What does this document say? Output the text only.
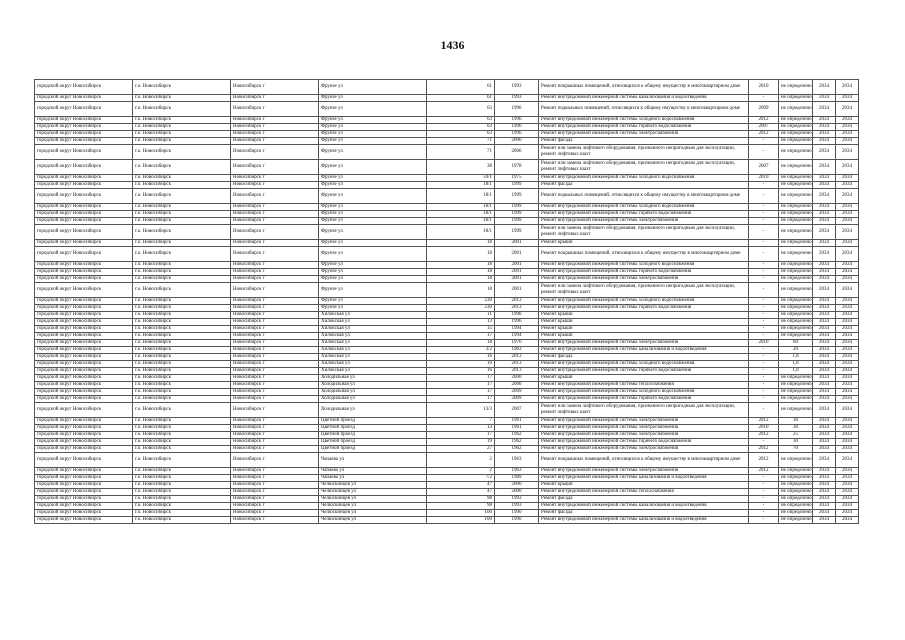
1436
городской округ Новосибирск	г.о. Новосибирск	Новосибирск г	Фрунзе ул	61	1993	Ремонт покрышных помещений, относящихся к общему имуществу в многоквартирном доме	2010	не определено	2034	2034
городской округ Новосибирск	г.о. Новосибирск	Новосибирск г	Фрунзе ул	61	1993	Ремонт внутридомовой инженерной системы канализования и водоотведения	-	не определено	2034	2034
городской округ Новосибирск	г.о. Новосибирск	Новосибирск г	Фрунзе ул	63	1996	Ремонт подвальных помещений, относящихся к общему имуществу в многоквартирном доме	2009	не определено	2034	2034
городской округ Новосибирск	г.о. Новосибирск	Новосибирск г	Фрунзе ул	63	1996	Ремонт внутридомовой инженерной системы холодного водоснабжения	2012	не определено	2034	2034
городской округ Новосибирск	г.о. Новосибирск	Новосибирск г	Фрунзе ул	63	1996	Ремонт внутридомовой инженерной системы горячего водоснабжения	2007	не определено	2034	2034
городской округ Новосибирск	г.о. Новосибирск	Новосибирск г	Фрунзе ул	63	1996	Ремонт внутридомовой инженерной системы электроснабжения	2012	не определено	2034	2034
городской округ Новосибирск	г.о. Новосибирск	Новосибирск г	Фрунзе ул	71	2006	Ремонт фасада	-	не определено	2034	2034
городской округ Новосибирск	г.о. Новосибирск	Новосибирск г	Фрунзе ул	71	2006	Ремонт или замена лифтового оборудования, признанного непригодным для эксплуатации, ремонт лифтовых шахт	-	не определено	2034	2034
городской округ Новосибирск	г.о. Новосибирск	Новосибирск г	Фрунзе ул	38	1978	Ремонт или замена лифтового оборудования, признанного непригодным для эксплуатации, ремонт лифтовых шахт	2007	не определено	2034	2034
городской округ Новосибирск	г.о. Новосибирск	Новосибирск г	Фрунзе ул	59/1	1975	Ремонт внутридомовой инженерной системы холодного водоснабжения	2010	не определено	2034	2034
городской округ Новосибирск	г.о. Новосибирск	Новосибирск г	Фрунзе ул	18/1	1999	Ремонт фасада	-	не определено	2034	2034
городской округ Новосибирск	г.о. Новосибирск	Новосибирск г	Фрунзе ул	18/1	1999	Ремонт подвальных помещений, относящихся к общему имуществу в многоквартирном доме	-	не определено	2034	2034
городской округ Новосибирск	г.о. Новосибирск	Новосибирск г	Фрунзе ул	18/1	1999	Ремонт внутридомовой инженерной системы холодного водоснабжения	-	не определено	2034	2034
городской округ Новосибирск	г.о. Новосибирск	Новосибирск г	Фрунзе ул	18/1	1999	Ремонт внутридомовой инженерной системы горячего водоснабжения	-	не определено	2034	2034
городской округ Новосибирск	г.о. Новосибирск	Новосибирск г	Фрунзе ул	18/1	1999	Ремонт внутридомовой инженерной системы электроснабжения	-	не определено	2034	2034
городской округ Новосибирск	г.о. Новосибирск	Новосибирск г	Фрунзе ул	18/1	1999	Ремонт или замена лифтового оборудования, признанного непригодным для эксплуатации, ремонт лифтовых шахт	-	не определено	2034	2034
городской округ Новосибирск	г.о. Новосибирск	Новосибирск г	Фрунзе ул	18	2001	Ремонт крыши	-	не определено	2034	2034
городской округ Новосибирск	г.о. Новосибирск	Новосибирск г	Фрунзе ул	18	2001	Ремонт покрышных помещений, относящихся к общему имуществу в многоквартирном доме	-	не определено	2034	2034
городской округ Новосибирск	г.о. Новосибирск	Новосибирск г	Фрунзе ул	18	2001	Ремонт внутридомовой инженерной системы холодного водоснабжения	-	не определено	2034	2034
городской округ Новосибирск	г.о. Новосибирск	Новосибирск г	Фрунзе ул	18	2001	Ремонт внутридомовой инженерной системы горячего водоснабжения	-	не определено	2034	2034
городской округ Новосибирск	г.о. Новосибирск	Новосибирск г	Фрунзе ул	18	2001	Ремонт внутридомовой инженерной системы электроснабжения	-	не определено	2034	2034
городской округ Новосибирск	г.о. Новосибирск	Новосибирск г	Фрунзе ул	18	2001	Ремонт или замена лифтового оборудования, признанного непригодным для эксплуатации, ремонт лифтовых шахт	-	не определено	2034	2034
городской округ Новосибирск	г.о. Новосибирск	Новосибирск г	Фрунзе ул	230	2013	Ремонт внутридомовой инженерной системы холодного водоснабжения	-	не определено	2034	2034
городской округ Новосибирск	г.о. Новосибирск	Новосибирск г	Фрунзе ул	230	2013	Ремонт внутридомовой инженерной системы горячего водоснабжения	-	не определено	2034	2034
городской округ Новосибирск	г.о. Новосибирск	Новосибирск г	Хилокская ул	11	1996	Ремонт крыши	-	не определено	2034	2034
городской округ Новосибирск	г.о. Новосибирск	Новосибирск г	Хилокская ул	13	1996	Ремонт крыши	-	не определено	2034	2034
городской округ Новосибирск	г.о. Новосибирск	Новосибирск г	Хилокская ул	15	1994	Ремонт крыши	-	не определено	2034	2034
городской округ Новосибирск	г.о. Новосибирск	Новосибирск г	Хилокская ул	17	1994	Ремонт крыши	-	не определено	2034	2034
городской округ Новосибирск	г.о. Новосибирск	Новосибирск г	Хилокская ул	18	1976	Ремонт внутридомовой инженерной системы электроснабжения	2010	60	2034	2034
городской округ Новосибирск	г.о. Новосибирск	Новосибирск г	Хилокская ул	3/2	1963	Ремонт внутридомовой инженерной системы канализования и водоотведения	-	20	2034	2034
городской округ Новосибирск	г.о. Новосибирск	Новосибирск г	Хилокская ул	16	2013	Ремонт фасада	-	1,8	2034	2034
городской округ Новосибирск	г.о. Новосибирск	Новосибирск г	Хилокская ул	16	2013	Ремонт внутридомовой инженерной системы холодного водоснабжения	-	1,8	2034	2034
городской округ Новосибирск	г.о. Новосибирск	Новосибирск г	Хилокская ул	16	2013	Ремонт внутридомовой инженерной системы горячего водоснабжения	-	1,8	2034	2034
городской округ Новосибирск	г.о. Новосибирск	Новосибирск г	Холодильная ул	17	2000	Ремонт крыши	-	не определено	2034	2034
городской округ Новосибирск	г.о. Новосибирск	Новосибирск г	Холодильная ул	17	2000	Ремонт внутридомовой инженерной системы теплоснабжения	-	не определено	2034	2034
городской округ Новосибирск	г.о. Новосибирск	Новосибирск г	Холодильная ул	17	2009	Ремонт внутридомовой инженерной системы холодного водоснабжения	-	не определено	2034	2034
городской округ Новосибирск	г.о. Новосибирск	Новосибирск г	Холодильная ул	17	2009	Ремонт внутридомовой инженерной системы горячего водоснабжения	-	не определено	2034	2034
городской округ Новосибирск	г.о. Новосибирск	Новосибирск г	Холодильная ул	13/3	2007	Ремонт или замена лифтового оборудования, признанного непригодным для эксплуатации, ремонт лифтовых шахт	-	не определено	2034	2034
городской округ Новосибирск	г.о. Новосибирск	Новосибирск г	Цветной проезд	7	1961	Ремонт внутридомовой инженерной системы электроснабжения	2012	30	2034	2034
городской округ Новосибирск	г.о. Новосибирск	Новосибирск г	Цветной проезд	13	1961	Ремонт внутридомовой инженерной системы электроснабжения	2010	30	2034	2034
городской округ Новосибирск	г.о. Новосибирск	Новосибирск г	Цветной проезд	17	1962	Ремонт внутридомовой инженерной системы электроснабжения	2012	25	2034	2034
городской округ Новосибирск	г.о. Новосибирск	Новосибирск г	Цветной проезд	19	1962	Ремонт внутридомовой инженерной системы горячего водоснабжения	-	30	2034	2034
городской округ Новосибирск	г.о. Новосибирск	Новосибирск г	Цветной проезд	27	1962	Ремонт внутридомовой инженерной системы электроснабжения	2012	70	2034	2034
городской округ Новосибирск	г.о. Новосибирск	Новосибирск г	Чапаева ул	2	1963	Ремонт покрышных помещений, относящихся к общему имуществу в многоквартирном доме	2012	не определено	2034	2034
городской округ Новосибирск	г.о. Новосибирск	Новосибирск г	Чапаева ул	2	1963	Ремонт внутридомовой инженерной системы электроснабжения	2012	не определено	2034	2034
городской округ Новосибирск	г.о. Новосибирск	Новосибирск г	Чапаева ул	7/2	1989	Ремонт внутридомовой инженерной системы канализования и водоотведения	-	не определено	2034	2034
городской округ Новосибирск	г.о. Новосибирск	Новосибирск г	Челюскинцев ул	47	2000	Ремонт крыши	-	не определено	2034	2034
городской округ Новосибирск	г.о. Новосибирск	Новосибирск г	Челюскинцев ул	47	2000	Ремонт внутридомовой инженерной системы теплоснабжения	-	не определено	2034	2034
городской округ Новосибирск	г.о. Новосибирск	Новосибирск г	Челюскинцев ул	98	1993	Ремонт фасада	-	не определено	2034	2034
городской округ Новосибирск	г.о. Новосибирск	Новосибирск г	Челюскинцев ул	98	1993	Ремонт внутридомовой инженерной системы канализования и водоотведения	-	не определено	2034	2034
городской округ Новосибирск	г.о. Новосибирск	Новосибирск г	Челюскинцев ул	100	1990	Ремонт фасада	-	не определено	2034	2034
городской округ Новосибирск	г.о. Новосибирск	Новосибирск г	Челюскинцев ул	100	1990	Ремонт внутридомовой инженерной системы канализования и водоотведения	-	не определено	2034	2034
